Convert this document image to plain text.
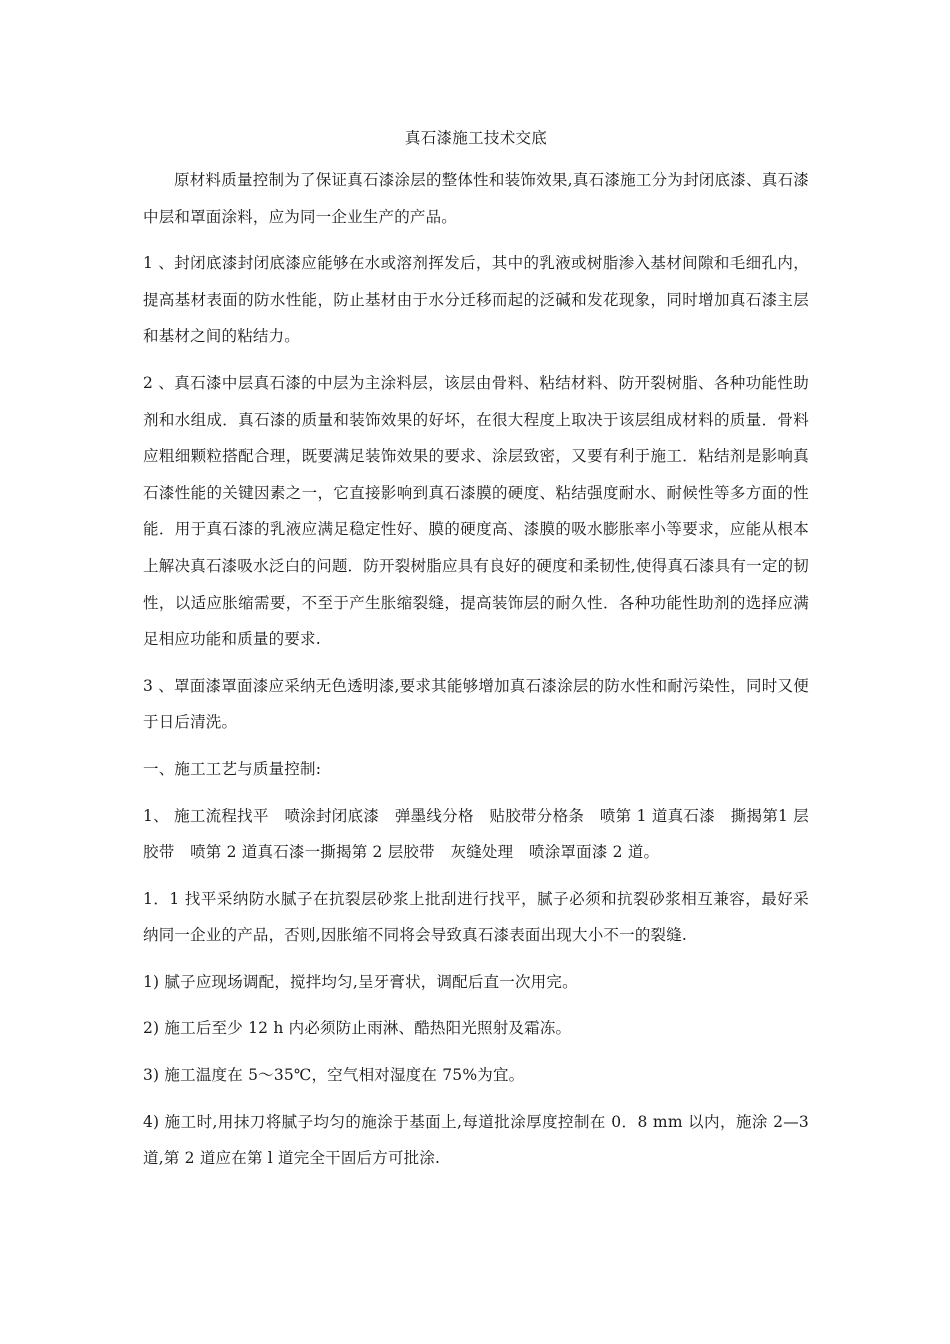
真石漆施工技术交底

原材料质量控制为了保证真石漆涂层的整体性和装饰效果,真石漆施工分为封闭底漆、真石漆中层和罩面涂料，应为同一企业生产的产品。

1 、封闭底漆封闭底漆应能够在水或溶剂挥发后，其中的乳液或树脂渗入基材间隙和毛细孔内，提高基材表面的防水性能，防止基材由于水分迁移而起的泛碱和发花现象，同时增加真石漆主层和基材之间的粘结力。

2 、真石漆中层真石漆的中层为主涂料层，该层由骨料、粘结材料、防开裂树脂、各种功能性助剂和水组成．真石漆的质量和装饰效果的好坏，在很大程度上取决于该层组成材料的质量．骨料应粗细颗粒搭配合理，既要满足装饰效果的要求、涂层致密，又要有利于施工．粘结剂是影响真石漆性能的关键因素之一，它直接影响到真石漆膜的硬度、粘结强度耐水、耐候性等多方面的性能．用于真石漆的乳液应满足稳定性好、膜的硬度高、漆膜的吸水膨胀率小等要求，应能从根本上解决真石漆吸水泛白的问题．防开裂树脂应具有良好的硬度和柔韧性,使得真石漆具有一定的韧性，以适应胀缩需要，不至于产生胀缩裂缝，提高装饰层的耐久性．各种功能性助剂的选择应满足相应功能和质量的要求.

3 、罩面漆罩面漆应采纳无色透明漆,要求其能够增加真石漆涂层的防水性和耐污染性，同时又便于日后清洗。

一、施工工艺与质量控制:

1、 施工流程找平　喷涂封闭底漆　弹墨线分格　贴胶带分格条　喷第 1 道真石漆　撕揭第1 层胶带　喷第 2 道真石漆一撕揭第 2 层胶带　灰缝处理　喷涂罩面漆 2 道。

1．1 找平采纳防水腻子在抗裂层砂浆上批刮进行找平，腻子必须和抗裂砂浆相互兼容，最好采纳同一企业的产品，否则,因胀缩不同将会导致真石漆表面出现大小不一的裂缝.

1) 腻子应现场调配，搅拌均匀,呈牙膏状，调配后直一次用完。

2) 施工后至少 12 h 内必须防止雨淋、酷热阳光照射及霜冻。

3) 施工温度在 5～35℃，空气相对湿度在 75%为宜。

4) 施工时,用抹刀将腻子均匀的施涂于基面上,每道批涂厚度控制在 0．8 mm 以内，施涂 2—3 道,第 2 道应在第 l 道完全干固后方可批涂.
